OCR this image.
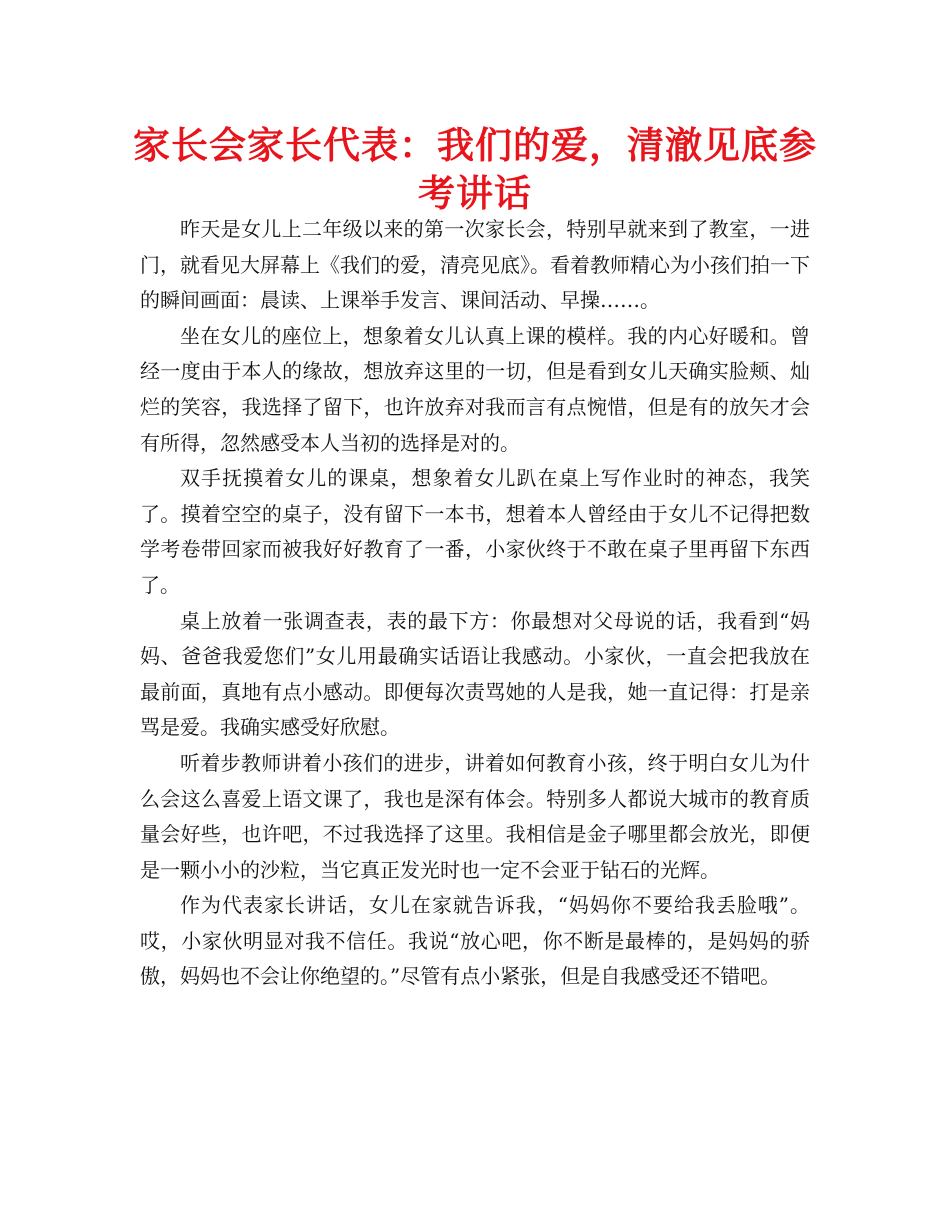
家长会家长代表：我们的爱，清澈见底参考讲话

昨天是女儿上二年级以来的第一次家长会，特别早就来到了教室，一进门，就看见大屏幕上《我们的爱，清亮见底》。看着教师精心为小孩们拍一下的瞬间画面：晨读、上课举手发言、课间活动、早操……。

坐在女儿的座位上，想象着女儿认真上课的模样。我的内心好暖和。曾经一度由于本人的缘故，想放弃这里的一切，但是看到女儿天确实脸颊、灿烂的笑容，我选择了留下，也许放弃对我而言有点惋惜，但是有的放矢才会有所得，忽然感受本人当初的选择是对的。

双手抚摸着女儿的课桌，想象着女儿趴在桌上写作业时的神态，我笑了。摸着空空的桌子，没有留下一本书，想着本人曾经由于女儿不记得把数学考卷带回家而被我好好教育了一番，小家伙终于不敢在桌子里再留下东西了。

桌上放着一张调查表，表的最下方：你最想对父母说的话，我看到“妈妈、爸爸我爱您们”女儿用最确实话语让我感动。小家伙，一直会把我放在最前面，真地有点小感动。即便每次责骂她的人是我，她一直记得：打是亲骂是爱。我确实感受好欣慰。

听着步教师讲着小孩们的进步，讲着如何教育小孩，终于明白女儿为什么会这么喜爱上语文课了，我也是深有体会。特别多人都说大城市的教育质量会好些，也许吧，不过我选择了这里。我相信是金子哪里都会放光，即便是一颗小小的沙粒，当它真正发光时也一定不会亚于钻石的光辉。

作为代表家长讲话，女儿在家就告诉我，“妈妈你不要给我丢脸哦”。哎，小家伙明显对我不信任。我说“放心吧，你不断是最棒的，是妈妈的骄傲，妈妈也不会让你绝望的。”尽管有点小紧张，但是自我感受还不错吧。
